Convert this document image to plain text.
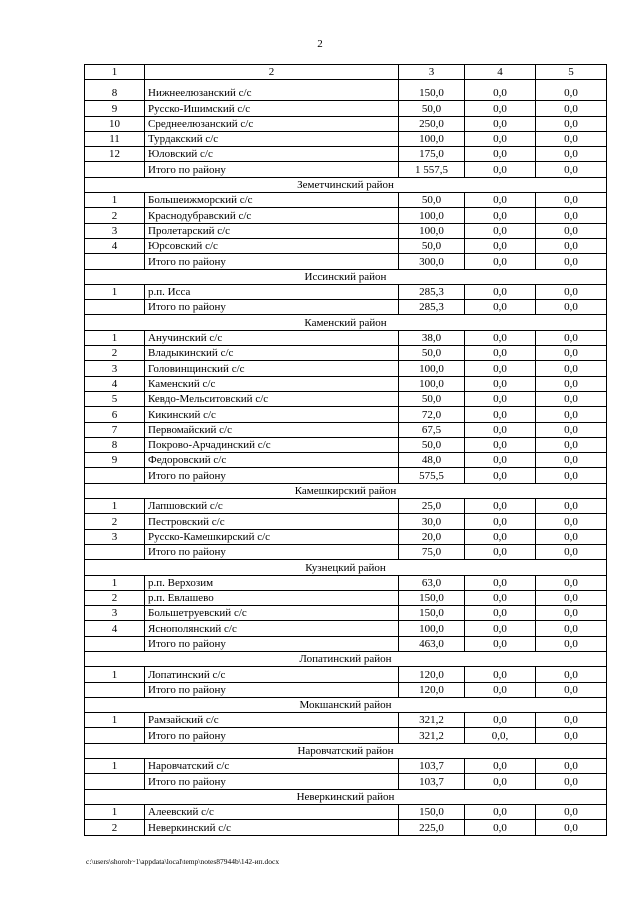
2
1	2	3	4	5
8	Нижнеелюзанский с/с	150,0	0,0	0,0
9	Русско-Ишимский с/с	50,0	0,0	0,0
10	Среднеелюзанский с/с	250,0	0,0	0,0
11	Турдакский с/с	100,0	0,0	0,0
12	Юловский с/с	175,0	0,0	0,0
	Итого по району	1 557,5	0,0	0,0
Земетчинский район				
1	Большеижморский с/с	50,0	0,0	0,0
2	Краснодубравский с/с	100,0	0,0	0,0
3	Пролетарский с/с	100,0	0,0	0,0
4	Юрсовский с/с	50,0	0,0	0,0
	Итого по району	300,0	0,0	0,0
Иссинский район				
1	р.п. Исса	285,3	0,0	0,0
	Итого по району	285,3	0,0	0,0
Каменский район				
1	Анучинский с/с	38,0	0,0	0,0
2	Владыкинский с/с	50,0	0,0	0,0
3	Головинщинский с/с	100,0	0,0	0,0
4	Каменский с/с	100,0	0,0	0,0
5	Кевдо-Мельситовский с/с	50,0	0,0	0,0
6	Кикинский с/с	72,0	0,0	0,0
7	Первомайский с/с	67,5	0,0	0,0
8	Покрово-Арчадинский с/с	50,0	0,0	0,0
9	Федоровский с/с	48,0	0,0	0,0
	Итого по району	575,5	0,0	0,0
Камешкирский район				
1	Лапшовский с/с	25,0	0,0	0,0
2	Пестровский с/с	30,0	0,0	0,0
3	Русско-Камешкирский с/с	20,0	0,0	0,0
	Итого по району	75,0	0,0	0,0
Кузнецкий район				
1	р.п. Верхозим	63,0	0,0	0,0
2	р.п. Евлашево	150,0	0,0	0,0
3	Большетруевский с/с	150,0	0,0	0,0
4	Яснополянский с/с	100,0	0,0	0,0
	Итого по району	463,0	0,0	0,0
Лопатинский район				
1	Лопатинский с/с	120,0	0,0	0,0
	Итого по району	120,0	0,0	0,0
Мокшанский район				
1	Рамзайский с/с	321,2	0,0	0,0
	Итого по району	321,2	0,0,	0,0
Наровчатский район				
1	Наровчатский с/с	103,7	0,0	0,0
	Итого по району	103,7	0,0	0,0
Неверкинский район				
1	Алеевский с/с	150,0	0,0	0,0
2	Неверкинский с/с	225,0	0,0	0,0
c:\users\shoroh~1\appdata\local\temp\notes87944b\142-ип.docx
